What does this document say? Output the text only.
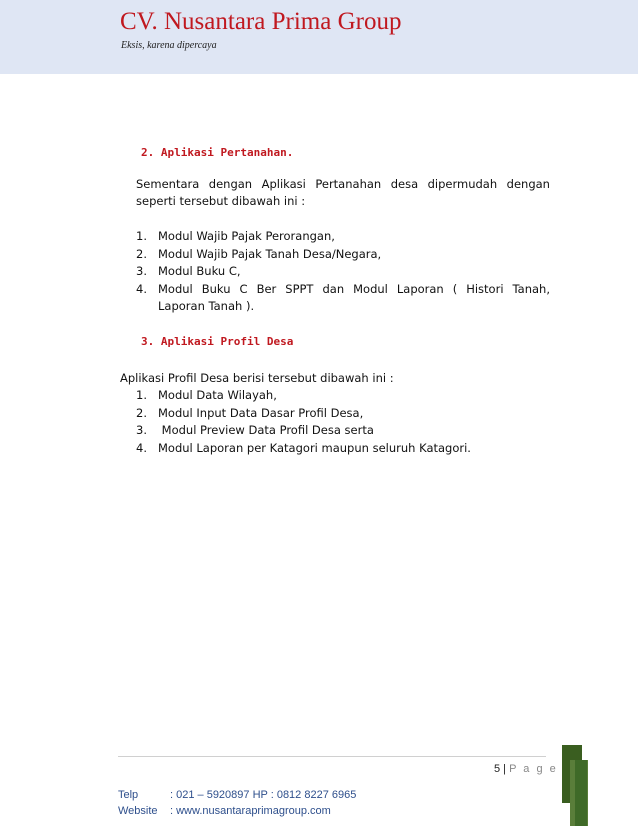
CV. Nusantara Prima Group
Eksis, karena dipercaya
2. Aplikasi Pertanahan.
Sementara dengan Aplikasi Pertanahan desa dipermudah dengan
seperti tersebut dibawah ini :
1. Modul Wajib Pajak Perorangan,
2. Modul Wajib Pajak Tanah Desa/Negara,
3. Modul Buku C,
4. Modul Buku C Ber SPPT dan Modul Laporan ( Histori Tanah,
Laporan Tanah ).
3. Aplikasi Profil Desa
Aplikasi Profil Desa berisi tersebut dibawah ini :
1. Modul Data Wilayah,
2. Modul Input Data Dasar Profil Desa,
3. Modul Preview Data Profil Desa serta
4. Modul Laporan per Katagori maupun seluruh Katagori.
5 | P a g e
Telp	: 021 – 5920897 HP : 0812 8227 6965
Website	: www.nusantaraprimagroup.com
